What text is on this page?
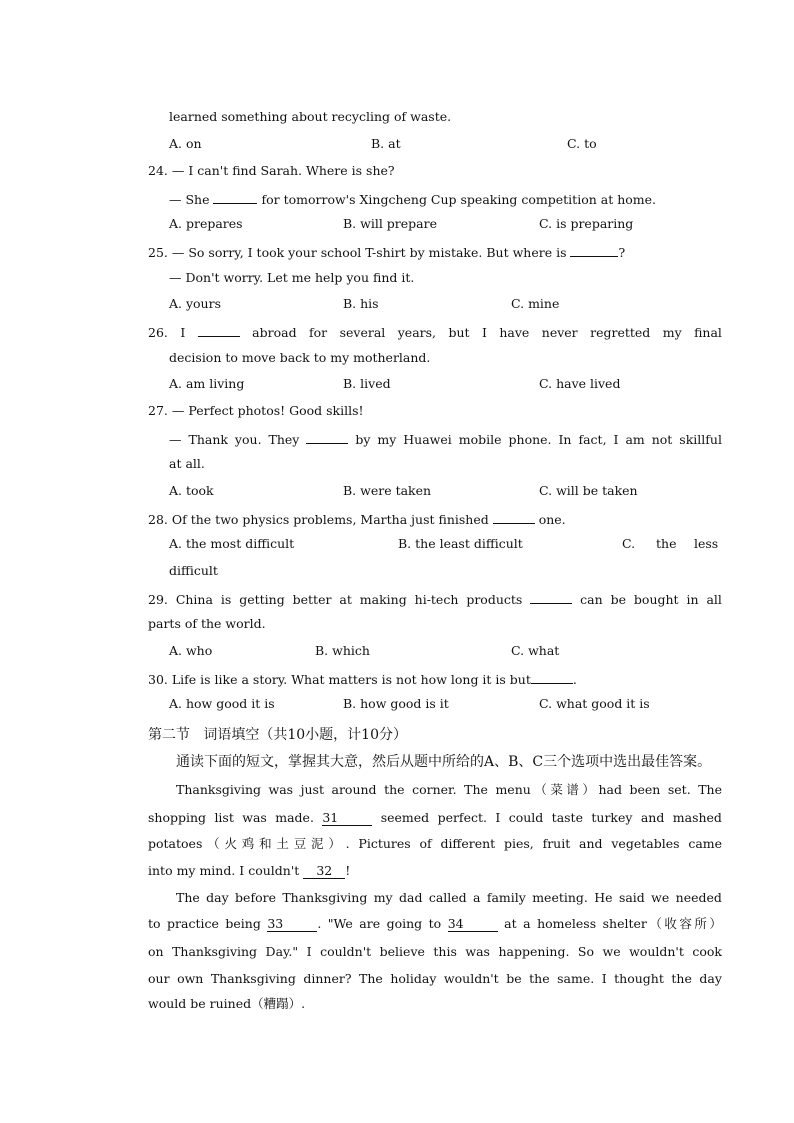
learned something about recycling of waste.
A. on	B. at	C. to
24. — I can't find Sarah. Where is she?
— She	for tomorrow's Xingcheng Cup speaking competition at home.
A. prepares	B. will prepare	C. is preparing
25. — So sorry, I took your school T-shirt by mistake. But where is	?
— Don't worry. Let me help you find it.
A. yours	B. his	C. mine
26. I	abroad for several years, but I have never regretted my final
decision to move back to my motherland.
A. am living	B. lived	C. have lived
27. — Perfect photos! Good skills!
— Thank you. They	by my Huawei mobile phone. In fact, I am not skillful
at all.
A. took	B. were taken	C. will be taken
28. Of the two physics problems, Martha just finished	one.
A. the most difficult	B. the least difficult	C. the less
difficult
29. China is getting better at making hi-tech products	can be bought in all
parts of the world.
A. who	B. which	C. what
30. Life is like a story. What matters is not how long it is but	.
A. how good it is	B. how good is it	C. what good it is
第二节   词语填空（共10小题，计10分）
通读下面的短文，掌握其大意，然后从题中所给的A、B、C三个选项中选出最佳答案。
Thanksgiving was just around the corner. The menu（菜谱）had been set. The
shopping list was made. 31	seemed perfect. I could taste turkey and mashed
potatoes（火鸡和土豆泥）. Pictures of different pies, fruit and vegetables came
into my mind. I couldn't 32 !
The day before Thanksgiving my dad called a family meeting. He said we needed
to practice being 33	. "We are going to 34	at a homeless shelter（收容所）
on Thanksgiving Day." I couldn't believe this was happening. So we wouldn't cook
our own Thanksgiving dinner? The holiday wouldn't be the same. I thought the day
would be ruined（糟蹋）.
